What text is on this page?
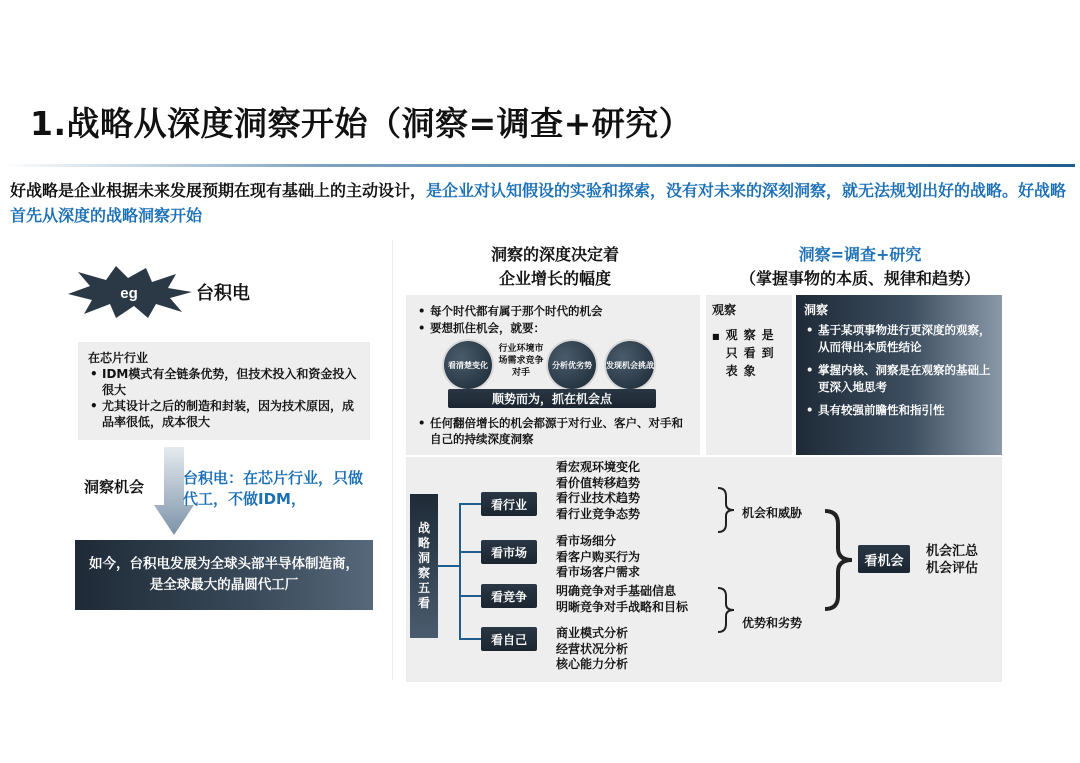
1.战略从深度洞察开始（洞察=调查+研究）
好战略是企业根据未来发展预期在现有基础上的主动设计，是企业对认知假设的实验和探索，没有对未来的深刻洞察，就无法规划出好的战略。好战略首先从深度的战略洞察开始
eg	台积电
在芯片行业
• IDM模式有全链条优势，但技术投入和资金投入很大
• 尤其设计之后的制造和封装，因为技术原因，成品率很低，成本很大
洞察机会	台积电：在芯片行业，只做代工，不做IDM，
如今，台积电发展为全球头部半导体制造商，是全球最大的晶圆代工厂
洞察的深度决定着
企业增长的幅度
• 每个时代都有属于那个时代的机会
• 要想抓住机会，就要：
看清楚变化
行业环境市场需求竞争对手
分析优劣势	发现机会挑战
顺势而为，抓在机会点
• 任何翻倍增长的机会都源于对行业、客户、对手和自己的持续深度洞察
洞察=调查+研究
（掌握事物的本质、规律和趋势）
观察
■ 观察是只看到表象
洞察
• 基于某项事物进行更深度的观察，从而得出本质性结论
• 掌握内核、洞察是在观察的基础上更深入地思考
• 具有较强前瞻性和指引性
战略洞察五看
看行业
看市场
看竞争
看自己
看宏观环境变化
看价值转移趋势
看行业技术趋势
看行业竞争态势
看市场细分
看客户购买行为
看市场客户需求
明确竞争对手基础信息
明晰竞争对手战略和目标
商业模式分析
经营状况分析
核心能力分析
机会和威胁
优势和劣势
看机会
机会汇总
机会评估
